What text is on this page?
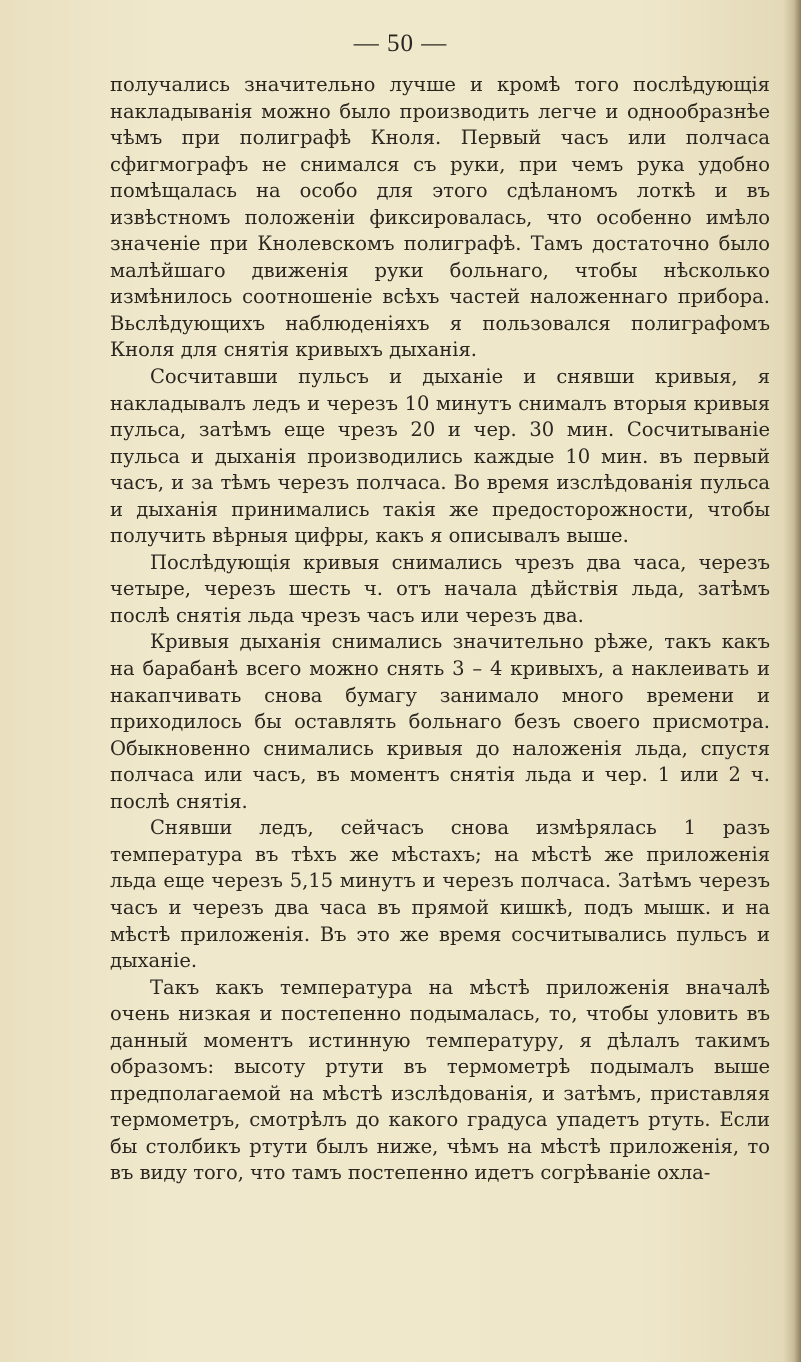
— 50 —

получались значительно лучше и кромѣ того послѣдующія накладыванія можно было производить легче и однообразнѣе чѣмъ при полиграфѣ Кноля. Первый часъ или полчаса сфигмографъ не снимался съ руки, при чемъ рука удобно помѣщалась на особо для этого сдѣланомъ лоткѣ и въ извѣстномъ положеніи фиксировалась, что особенно имѣло значеніе при Кнолевскомъ полиграфѣ. Тамъ достаточно было малѣйшаго движенія руки больнаго, чтобы нѣсколько измѣнилось соотношеніе всѣхъ частей наложеннаго прибора. Вьслѣдующихъ наблюденіяхъ я пользовался полиграфомъ Кноля для снятія кривыхъ дыханія.

Сосчитавши пульсъ и дыханіе и снявши кривыя, я накладывалъ ледъ и черезъ 10 минутъ снималъ вторыя кривыя пульса, затѣмъ еще чрезъ 20 и чер. 30 мин. Сосчитываніе пульса и дыханія производились каждые 10 мин. въ первый часъ, и за тѣмъ черезъ полчаса. Во время изслѣдованія пульса и дыханія принимались такія же предосторожности, чтобы получить вѣрныя цифры, какъ я описывалъ выше.

Послѣдующія кривыя снимались чрезъ два часа, черезъ четыре, черезъ шесть ч. отъ начала дѣйствія льда, затѣмъ послѣ снятія льда чрезъ часъ или черезъ два.

Кривыя дыханія снимались значительно рѣже, такъ какъ на барабанѣ всего можно снять 3 – 4 кривыхъ, а наклеивать и накапчивать снова бумагу занимало много времени и приходилось бы оставлять больнаго безъ своего присмотра. Обыкновенно снимались кривыя до наложенія льда, спустя полчаса или часъ, въ моментъ снятія льда и чер. 1 или 2 ч. послѣ снятія.

Снявши ледъ, сейчасъ снова измѣрялась 1 разъ температура въ тѣхъ же мѣстахъ; на мѣстѣ же приложенія льда еще черезъ 5,15 минутъ и черезъ полчаса. Затѣмъ черезъ часъ и черезъ два часа въ прямой кишкѣ, подъ мышк. и на мѣстѣ приложенія. Въ это же время сосчитывались пульсъ и дыханіе.

Такъ какъ температура на мѣстѣ приложенія вначалѣ очень низкая и постепенно подымалась, то, чтобы уловить въ данный моментъ истинную температуру, я дѣлалъ такимъ образомъ: высоту ртути въ термометрѣ подымалъ выше предполагаемой на мѣстѣ изслѣдованія, и затѣмъ, приставляя термометръ, смотрѣлъ до какого градуса упадетъ ртуть. Если бы столбикъ ртути былъ ниже, чѣмъ на мѣстѣ приложенія, то въ виду того, что тамъ постепенно идетъ согрѣваніе охла-
